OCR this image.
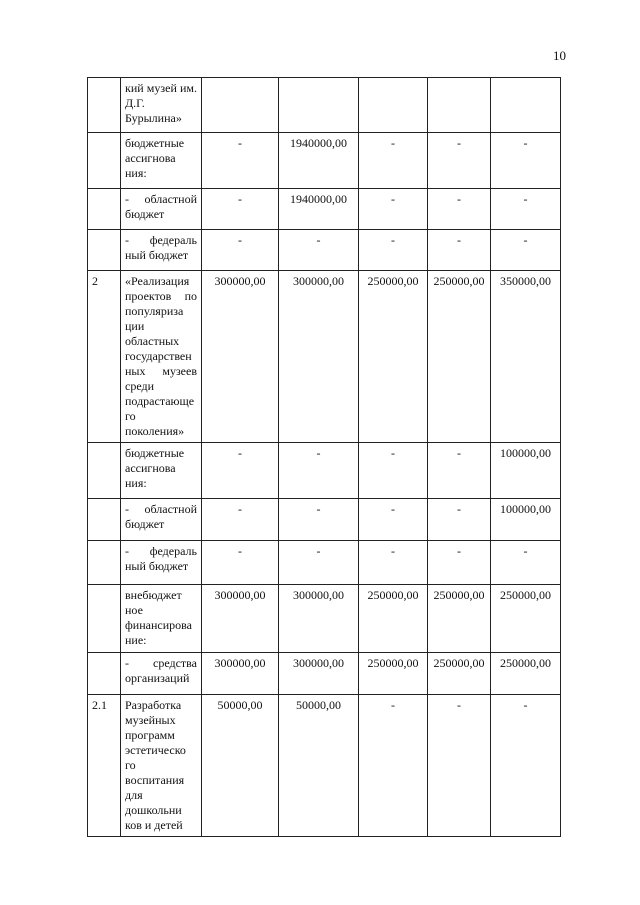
10
	кий музей им. Д.Г. Бурылина»					
	бюджетные ассигнова ния:	-	1940000,00	-	-	-
	- областной бюджет	-	1940000,00	-	-	-
	- федераль ный бюджет	-	-	-	-	-
2	«Реализация проектов по популяриза ции областных государствен ных музеев среди подрастающе го поколения»	300000,00	300000,00	250000,00	250000,00	350000,00
	бюджетные ассигнова ния:	-	-	-	-	100000,00
	- областной бюджет	-	-	-	-	100000,00
	- федераль ный бюджет	-	-	-	-	-
	внебюджет ное финансирова ние:	300000,00	300000,00	250000,00	250000,00	250000,00
	- средства организаций	300000,00	300000,00	250000,00	250000,00	250000,00
2.1	Разработка музейных программ эстетическо го воспитания для дошкольни ков и детей	50000,00	50000,00	-	-	-
